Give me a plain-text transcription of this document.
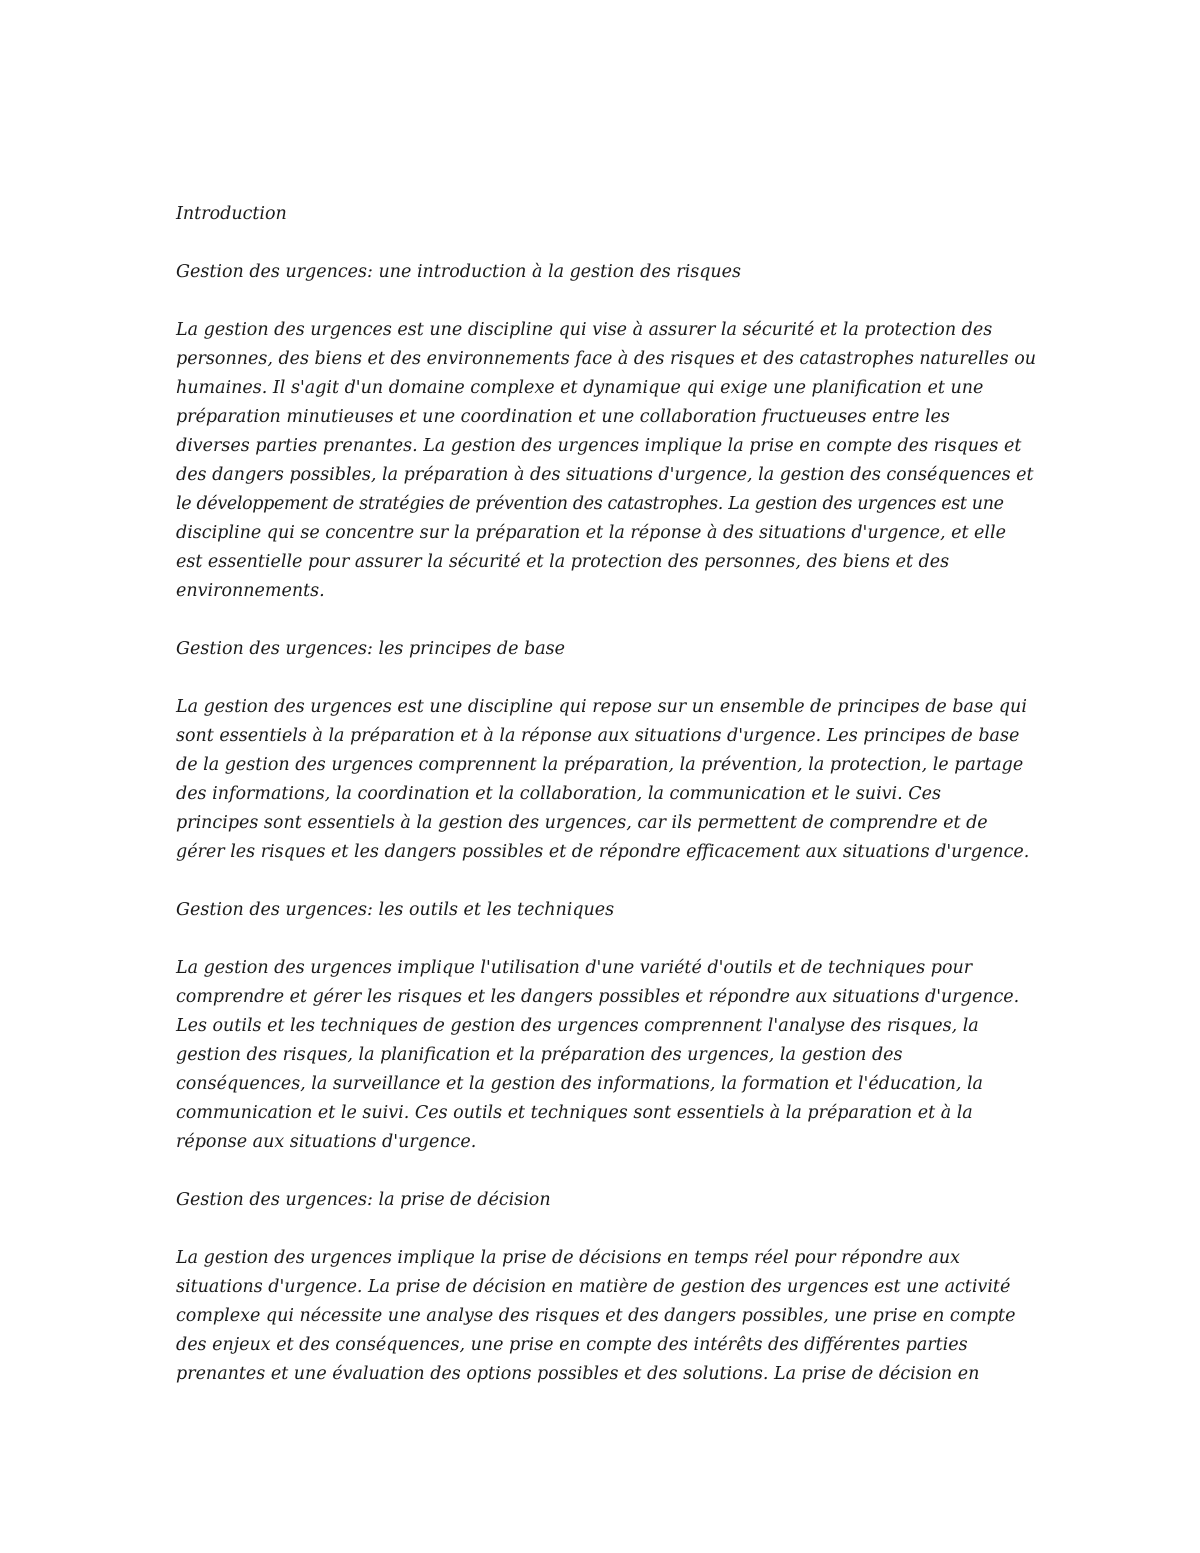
Introduction
Gestion des urgences: une introduction à la gestion des risques
La gestion des urgences est une discipline qui vise à assurer la sécurité et la protection des
personnes, des biens et des environnements face à des risques et des catastrophes naturelles ou
humaines. Il s'agit d'un domaine complexe et dynamique qui exige une planification et une
préparation minutieuses et une coordination et une collaboration fructueuses entre les
diverses parties prenantes. La gestion des urgences implique la prise en compte des risques et
des dangers possibles, la préparation à des situations d'urgence, la gestion des conséquences et
le développement de stratégies de prévention des catastrophes. La gestion des urgences est une
discipline qui se concentre sur la préparation et la réponse à des situations d'urgence, et elle
est essentielle pour assurer la sécurité et la protection des personnes, des biens et des
environnements.
Gestion des urgences: les principes de base
La gestion des urgences est une discipline qui repose sur un ensemble de principes de base qui
sont essentiels à la préparation et à la réponse aux situations d'urgence. Les principes de base
de la gestion des urgences comprennent la préparation, la prévention, la protection, le partage
des informations, la coordination et la collaboration, la communication et le suivi. Ces
principes sont essentiels à la gestion des urgences, car ils permettent de comprendre et de
gérer les risques et les dangers possibles et de répondre efficacement aux situations d'urgence.
Gestion des urgences: les outils et les techniques
La gestion des urgences implique l'utilisation d'une variété d'outils et de techniques pour
comprendre et gérer les risques et les dangers possibles et répondre aux situations d'urgence.
Les outils et les techniques de gestion des urgences comprennent l'analyse des risques, la
gestion des risques, la planification et la préparation des urgences, la gestion des
conséquences, la surveillance et la gestion des informations, la formation et l'éducation, la
communication et le suivi. Ces outils et techniques sont essentiels à la préparation et à la
réponse aux situations d'urgence.
Gestion des urgences: la prise de décision
La gestion des urgences implique la prise de décisions en temps réel pour répondre aux
situations d'urgence. La prise de décision en matière de gestion des urgences est une activité
complexe qui nécessite une analyse des risques et des dangers possibles, une prise en compte
des enjeux et des conséquences, une prise en compte des intérêts des différentes parties
prenantes et une évaluation des options possibles et des solutions. La prise de décision en
